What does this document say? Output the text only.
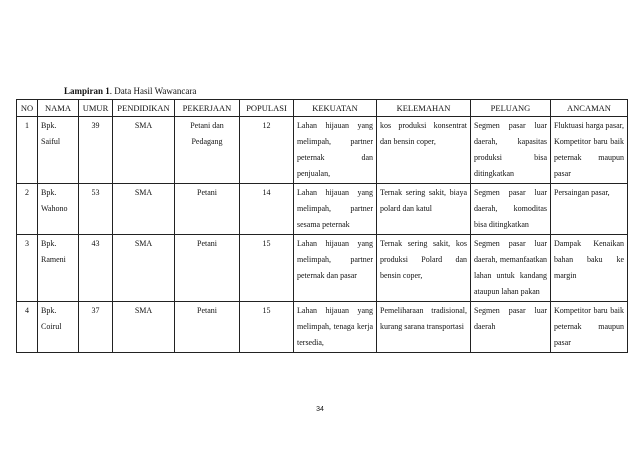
Lampiran 1. Data Hasil Wawancara
NO	NAMA	UMUR	PENDIDIKAN	PEKERJAAN	POPULASI	KEKUATAN	KELEMAHAN	PELUANG	ANCAMAN
1	Bpk. Saiful	39	SMA	Petani dan Pedagang	12	Lahan hijauan yang melimpah, partner peternak dan penjualan,	kos produksi konsentrat dan bensin coper,	Segmen pasar luar daerah, kapasitas produksi bisa ditingkatkan	Fluktuasi harga pasar, Kompetitor baru baik peternak maupun pasar
2	Bpk. Wahono	53	SMA	Petani	14	Lahan hijauan yang melimpah, partner sesama peternak	Ternak sering sakit, biaya polard dan katul	Segmen pasar luar daerah, komoditas bisa ditingkatkan	Persaingan pasar,
3	Bpk. Rameni	43	SMA	Petani	15	Lahan hijauan yang melimpah, partner peternak dan pasar	Ternak sering sakit, kos produksi Polard dan bensin coper,	Segmen pasar luar daerah, memanfaatkan lahan untuk kandang ataupun lahan pakan	Dampak Kenaikan bahan baku ke margin
4	Bpk. Coirul	37	SMA	Petani	15	Lahan hijauan yang melimpah, tenaga kerja tersedia,	Pemeliharaan tradisional, kurang sarana transportasi	Segmen pasar luar daerah	Kompetitor baru baik peternak maupun pasar
34
